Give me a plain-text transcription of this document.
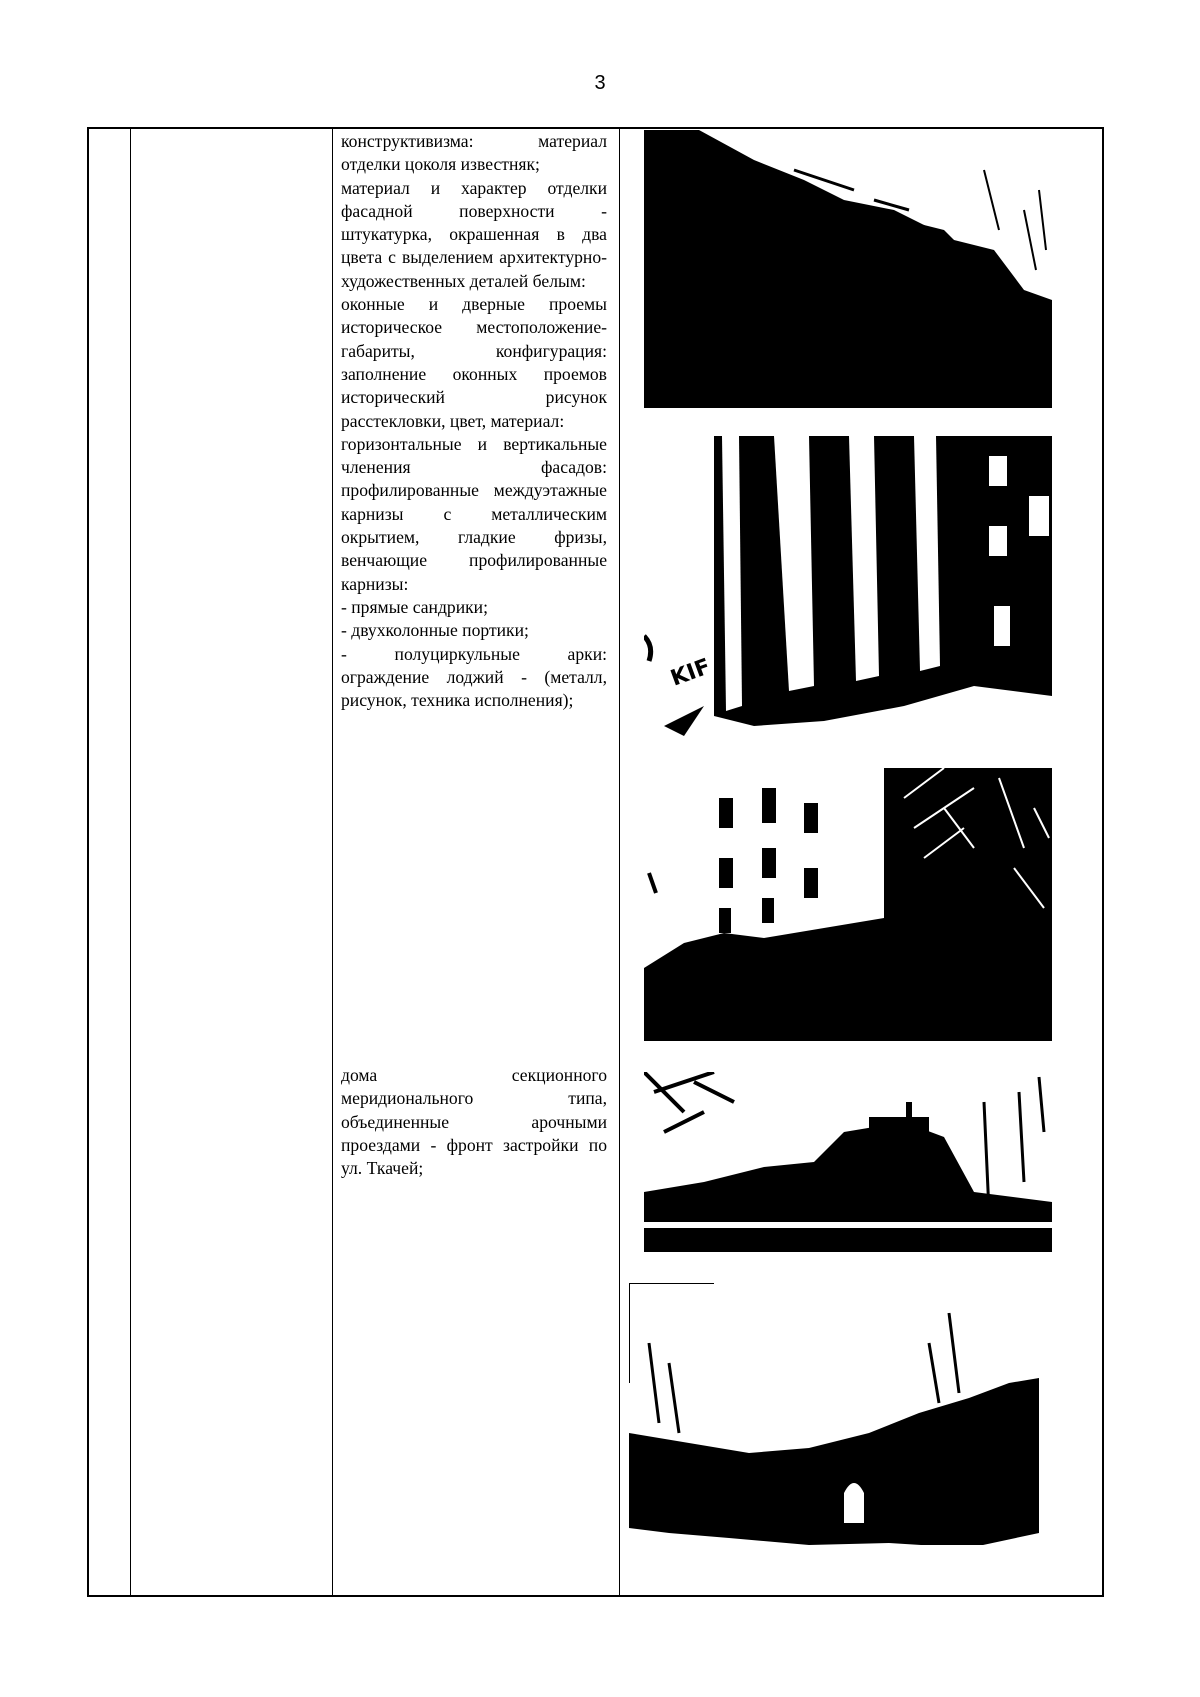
3

конструктивизма: материал отделки цоколя известняк;

материал и характер отделки фасадной поверхности - штукатурка, окрашенная в два цвета с выделением архитектурно-художественных деталей белым:

оконные и дверные проемы историческое местоположение-габариты, конфигурация: заполнение оконных проемов исторический рисунок расстекловки, цвет, материал:

горизонтальные и вертикальные членения фасадов: профилированные междуэтажные карнизы с металлическим окрытием, гладкие фризы, венчающие профилированные карнизы:

- прямые сандрики;

- двухколонные портики;

- полуциркульные арки: ограждение лоджий - (металл, рисунок, техника исполнения);

дома секционного меридионального типа, объединенные арочными проездами - фронт застройки по ул. Ткачей;

KIF
